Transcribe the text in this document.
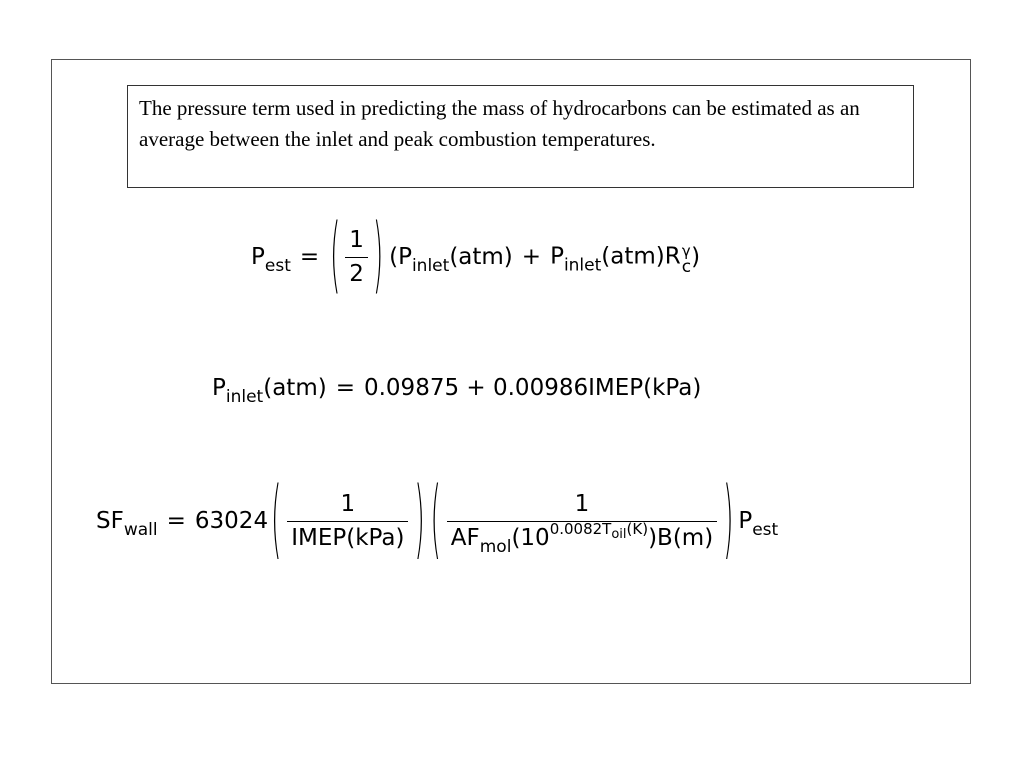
The pressure term used in predicting the mass of hydrocarbons can be estimated as an average between the inlet and peak combustion temperatures.
$P_{est}$ = ( $\frac{1}{2}$ ) ( $P_{inlet}(atm) + P_{inlet}(atm)R$ γ
c )
$P_{inlet}(atm) = 0.09875$ + 0.00986IMEP(kPa)
$SF_{wall} = 63024$ ( $\frac{1}{\text{IMEP(kPa)}}$ ) ( $\frac{1}{AF_{mol}(10^{0.0082Toil(K)})B(m)}$ ) $P_{est}$
